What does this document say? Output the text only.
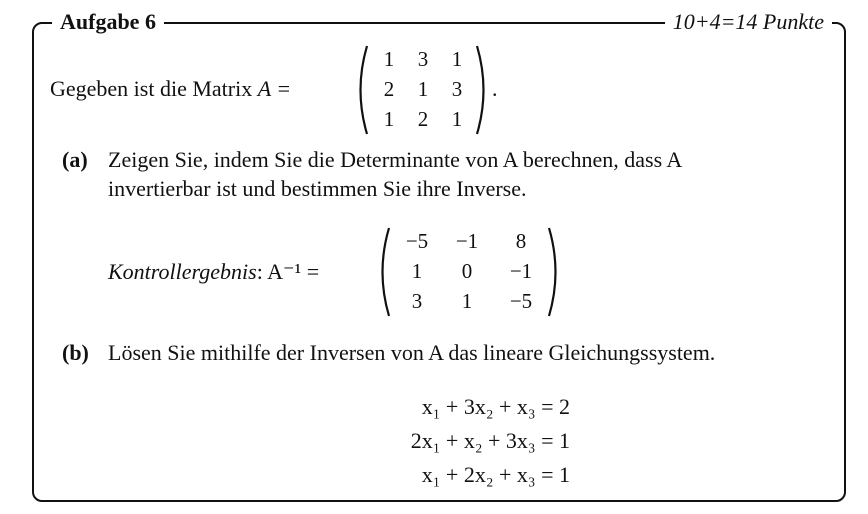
Aufgabe 6	10+4=14 Punkte
Gegeben ist die Matrix A =
1	3	1
2	1	3
1	2	1
.
(a) Zeigen Sie, indem Sie die Determinante von A berechnen, dass A
invertierbar ist und bestimmen Sie ihre Inverse.
Kontrollergebnis: A⁻¹ =
−5	−1	8
1	0	−1
3	1	−5
(b) Lösen Sie mithilfe der Inversen von A das lineare Gleichungssystem.
x₁ + 3x₂ + x₃ = 2
2x₁ + x₂ + 3x₃ = 1
x₁ + 2x₂ + x₃ = 1
